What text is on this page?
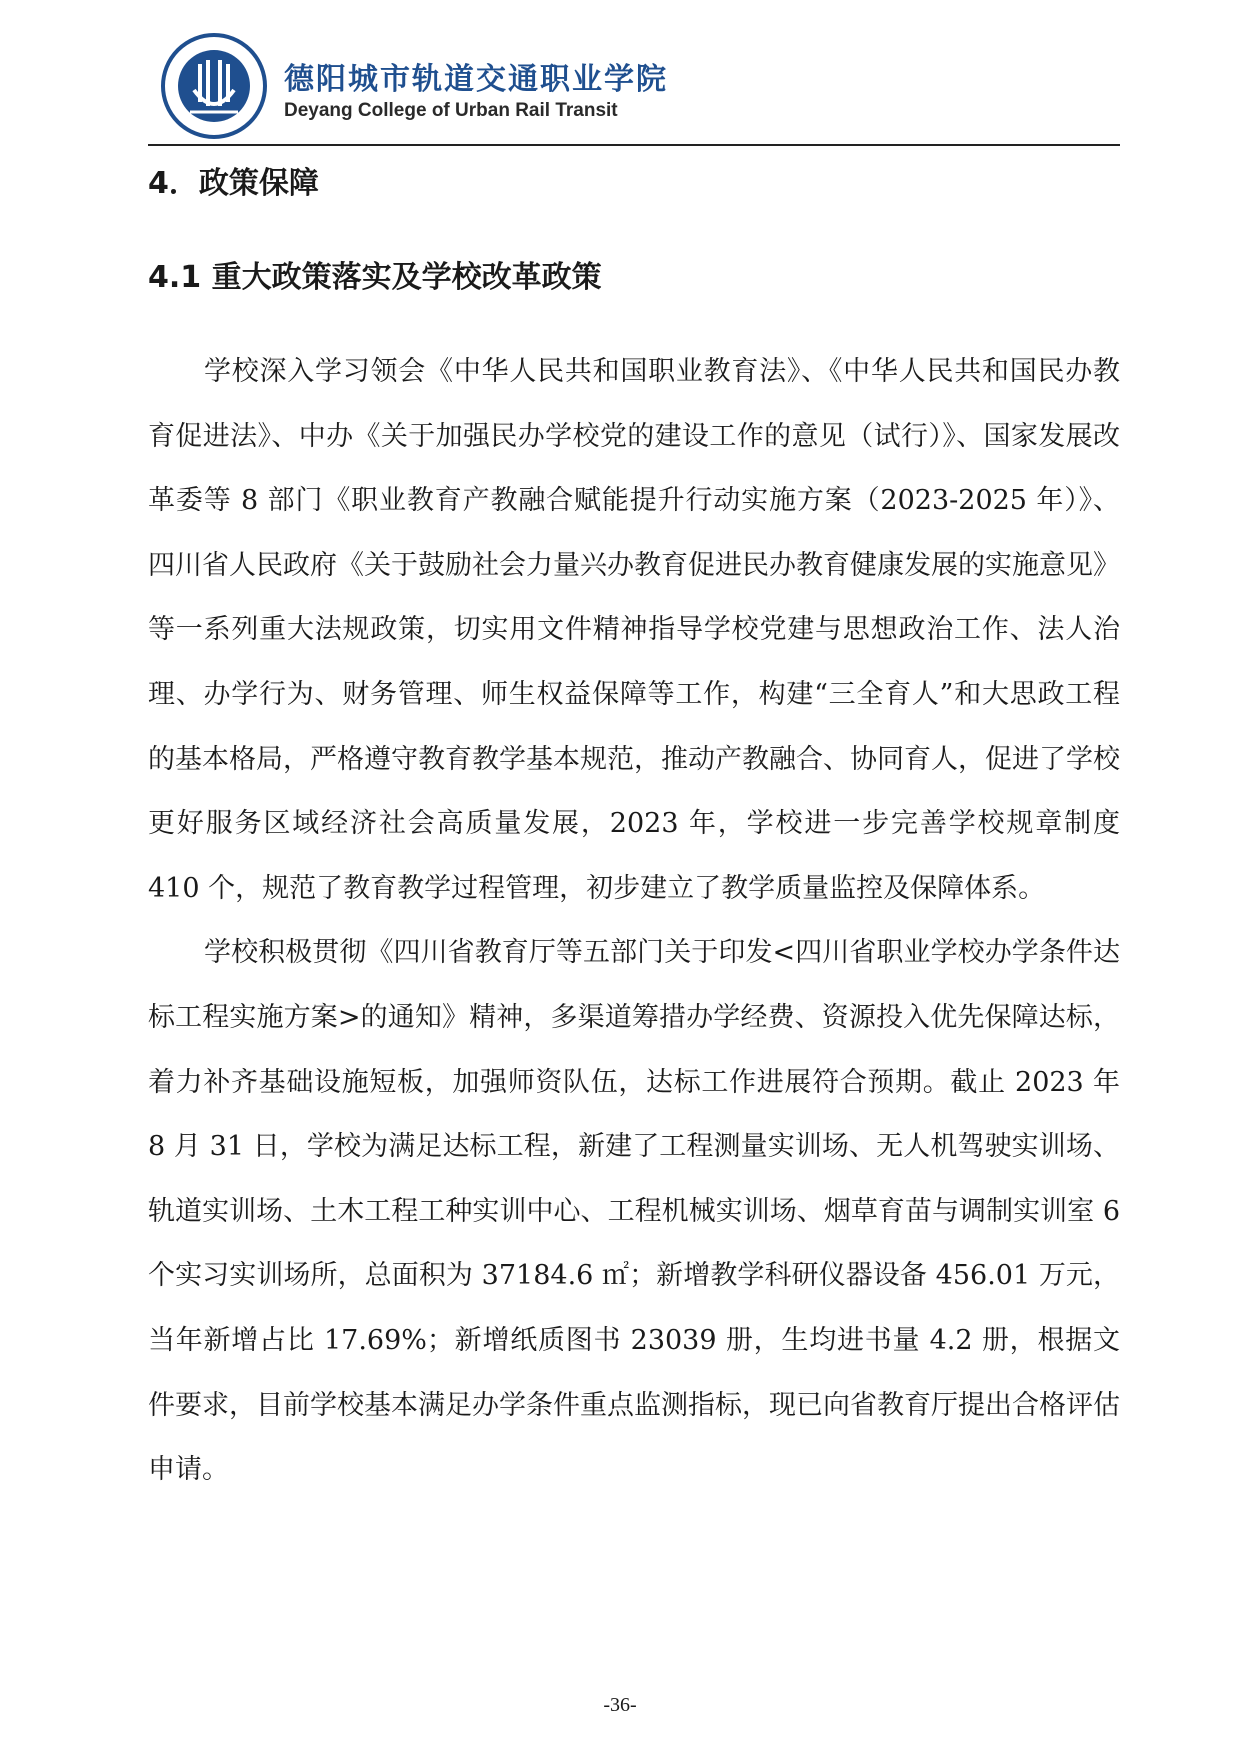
德阳城市轨道交通职业学院
Deyang College of Urban Rail Transit
4．政策保障
4.1 重大政策落实及学校改革政策

学校深入学习领会《中华人民共和国职业教育法》、《中华人民共和国民办教育促进法》、中办《关于加强民办学校党的建设工作的意见（试行）》、国家发展改革委等 8 部门《职业教育产教融合赋能提升行动实施方案（2023-2025 年）》、四川省人民政府《关于鼓励社会力量兴办教育促进民办教育健康发展的实施意见》等一系列重大法规政策，切实用文件精神指导学校党建与思想政治工作、法人治理、办学行为、财务管理、师生权益保障等工作，构建“三全育人”和大思政工程的基本格局，严格遵守教育教学基本规范，推动产教融合、协同育人，促进了学校更好服务区域经济社会高质量发展，2023 年，学校进一步完善学校规章制度 410 个，规范了教育教学过程管理，初步建立了教学质量监控及保障体系。

学校积极贯彻《四川省教育厅等五部门关于印发<四川省职业学校办学条件达标工程实施方案>的通知》精神，多渠道筹措办学经费、资源投入优先保障达标，着力补齐基础设施短板，加强师资队伍，达标工作进展符合预期。截止 2023 年 8 月 31 日，学校为满足达标工程，新建了工程测量实训场、无人机驾驶实训场、轨道实训场、土木工程工种实训中心、工程机械实训场、烟草育苗与调制实训室 6 个实习实训场所，总面积为 37184.6 ㎡；新增教学科研仪器设备 456.01 万元，当年新增占比 17.69%；新增纸质图书 23039 册，生均进书量 4.2 册，根据文件要求，目前学校基本满足办学条件重点监测指标，现已向省教育厅提出合格评估申请。

-36-
